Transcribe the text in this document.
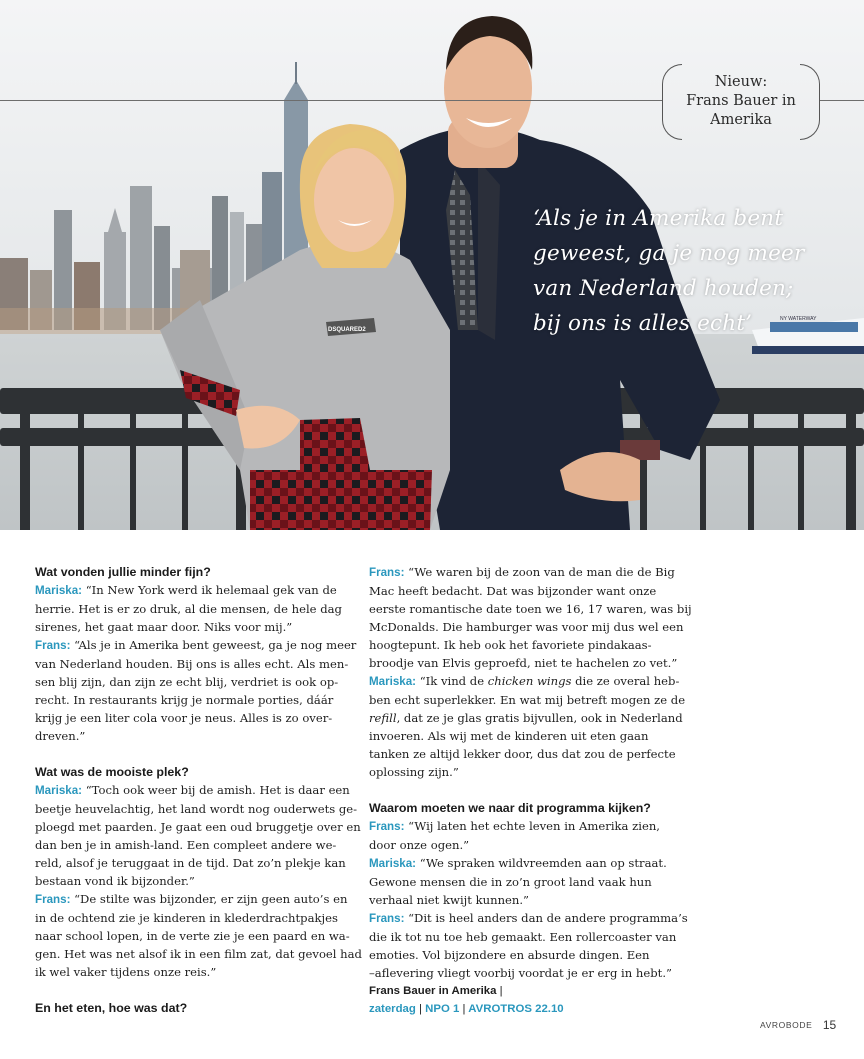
NY WATERWAY
DSQUARED2
Nieuw:
Frans Bauer in
Amerika
‘Als je in Amerika bent
geweest, ga je nog meer
van Nederland houden;
bij ons is alles echt’
Wat vonden jullie minder fijn?
Mariska: “In New York werd ik helemaal gek van de
herrie. Het is er zo druk, al die mensen, de hele dag
sirenes, het gaat maar door. Niks voor mij.”
Frans: “Als je in Amerika bent geweest, ga je nog meer
van Nederland houden. Bij ons is alles echt. Als men-
sen blij zijn, dan zijn ze echt blij, verdriet is ook op-
recht. In restaurants krijg je normale porties, dáár
krijg je een liter cola voor je neus. Alles is zo over-
dreven.”
Wat was de mooiste plek?
Mariska: “Toch ook weer bij de amish. Het is daar een
beetje heuvelachtig, het land wordt nog ouderwets ge-
ploegd met paarden. Je gaat een oud bruggetje over en
dan ben je in amish-land. Een compleet andere we-
reld, alsof je teruggaat in de tijd. Dat zo’n plekje kan
bestaan vond ik bijzonder.”
Frans: “De stilte was bijzonder, er zijn geen auto’s en
in de ochtend zie je kinderen in klederdrachtpakjes
naar school lopen, in de verte zie je een paard en wa-
gen. Het was net alsof ik in een film zat, dat gevoel had
ik wel vaker tijdens onze reis.”
En het eten, hoe was dat?
Frans: “We waren bij de zoon van de man die de Big
Mac heeft bedacht. Dat was bijzonder want onze
eerste romantische date toen we 16, 17 waren, was bij
McDonalds. Die hamburger was voor mij dus wel een
hoogtepunt. Ik heb ook het favoriete pindakaas-
broodje van Elvis geproefd, niet te hachelen zo vet.”
Mariska: “Ik vind de chicken wings die ze overal heb-
ben echt superlekker. En wat mij betreft mogen ze de
refill, dat ze je glas gratis bijvullen, ook in Nederland
invoeren. Als wij met de kinderen uit eten gaan
tanken ze altijd lekker door, dus dat zou de perfecte
oplossing zijn.”
Waarom moeten we naar dit programma kijken?
Frans: “Wij laten het echte leven in Amerika zien,
door onze ogen.”
Mariska: “We spraken wildvreemden aan op straat.
Gewone mensen die in zo’n groot land vaak hun
verhaal niet kwijt kunnen.”
Frans: “Dit is heel anders dan de andere programma’s
die ik tot nu toe heb gemaakt. Een rollercoaster van
emoties. Vol bijzondere en absurde dingen. Een
–aflevering vliegt voorbij voordat je er erg in hebt.”
Frans Bauer in Amerika |
zaterdag | NPO 1 | AVROTROS 22.10
AVROBODE 15
